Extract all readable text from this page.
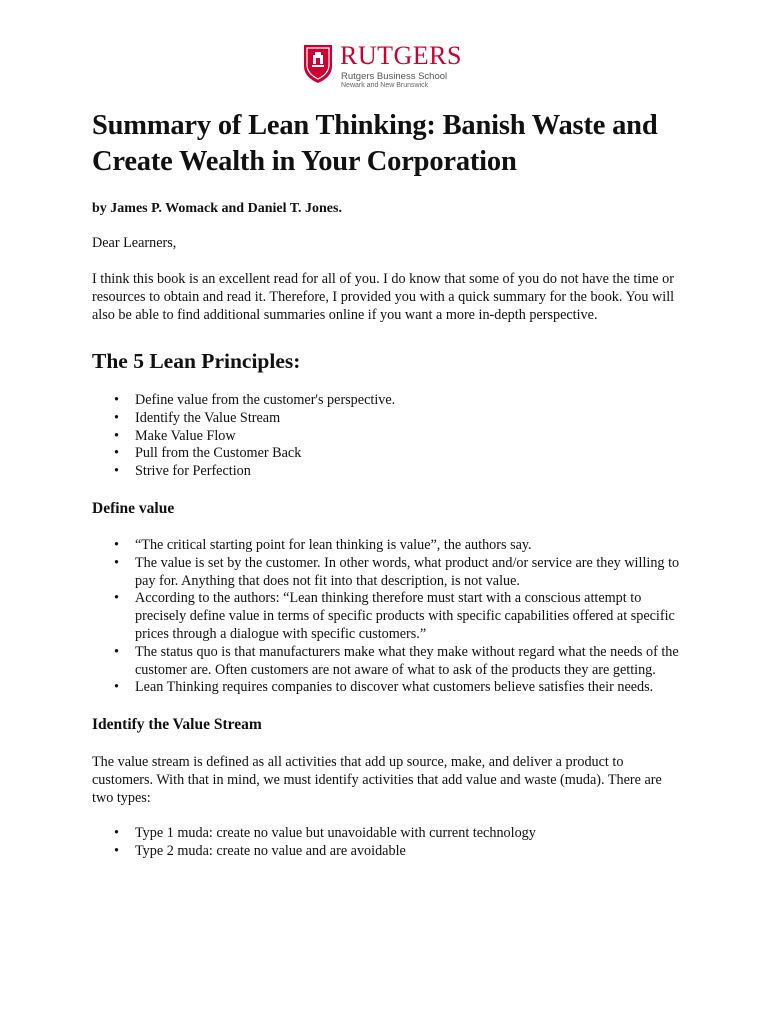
RUTGERS
Rutgers Business School
Newark and New Brunswick
Summary of Lean Thinking: Banish Waste and Create Wealth in Your Corporation
by James P. Womack and Daniel T. Jones.

Dear Learners,

I think this book is an excellent read for all of you. I do know that some of you do not have the time or resources to obtain and read it. Therefore, I provided you with a quick summary for the book. You will also be able to find additional summaries online if you want a more in-depth perspective.

The 5 Lean Principles:
• Define value from the customer's perspective.
• Identify the Value Stream
• Make Value Flow
• Pull from the Customer Back
• Strive for Perfection
Define value
• “The critical starting point for lean thinking is value”, the authors say.
• The value is set by the customer. In other words, what product and/or service are they willing to pay for. Anything that does not fit into that description, is not value.
• According to the authors: “Lean thinking therefore must start with a conscious attempt to precisely define value in terms of specific products with specific capabilities offered at specific prices through a dialogue with specific customers.”
• The status quo is that manufacturers make what they make without regard what the needs of the customer are. Often customers are not aware of what to ask of the products they are getting.
• Lean Thinking requires companies to discover what customers believe satisfies their needs.
Identify the Value Stream

The value stream is defined as all activities that add up source, make, and deliver a product to customers. With that in mind, we must identify activities that add value and waste (muda). There are two types:

• Type 1 muda: create no value but unavoidable with current technology
• Type 2 muda: create no value and are avoidable
